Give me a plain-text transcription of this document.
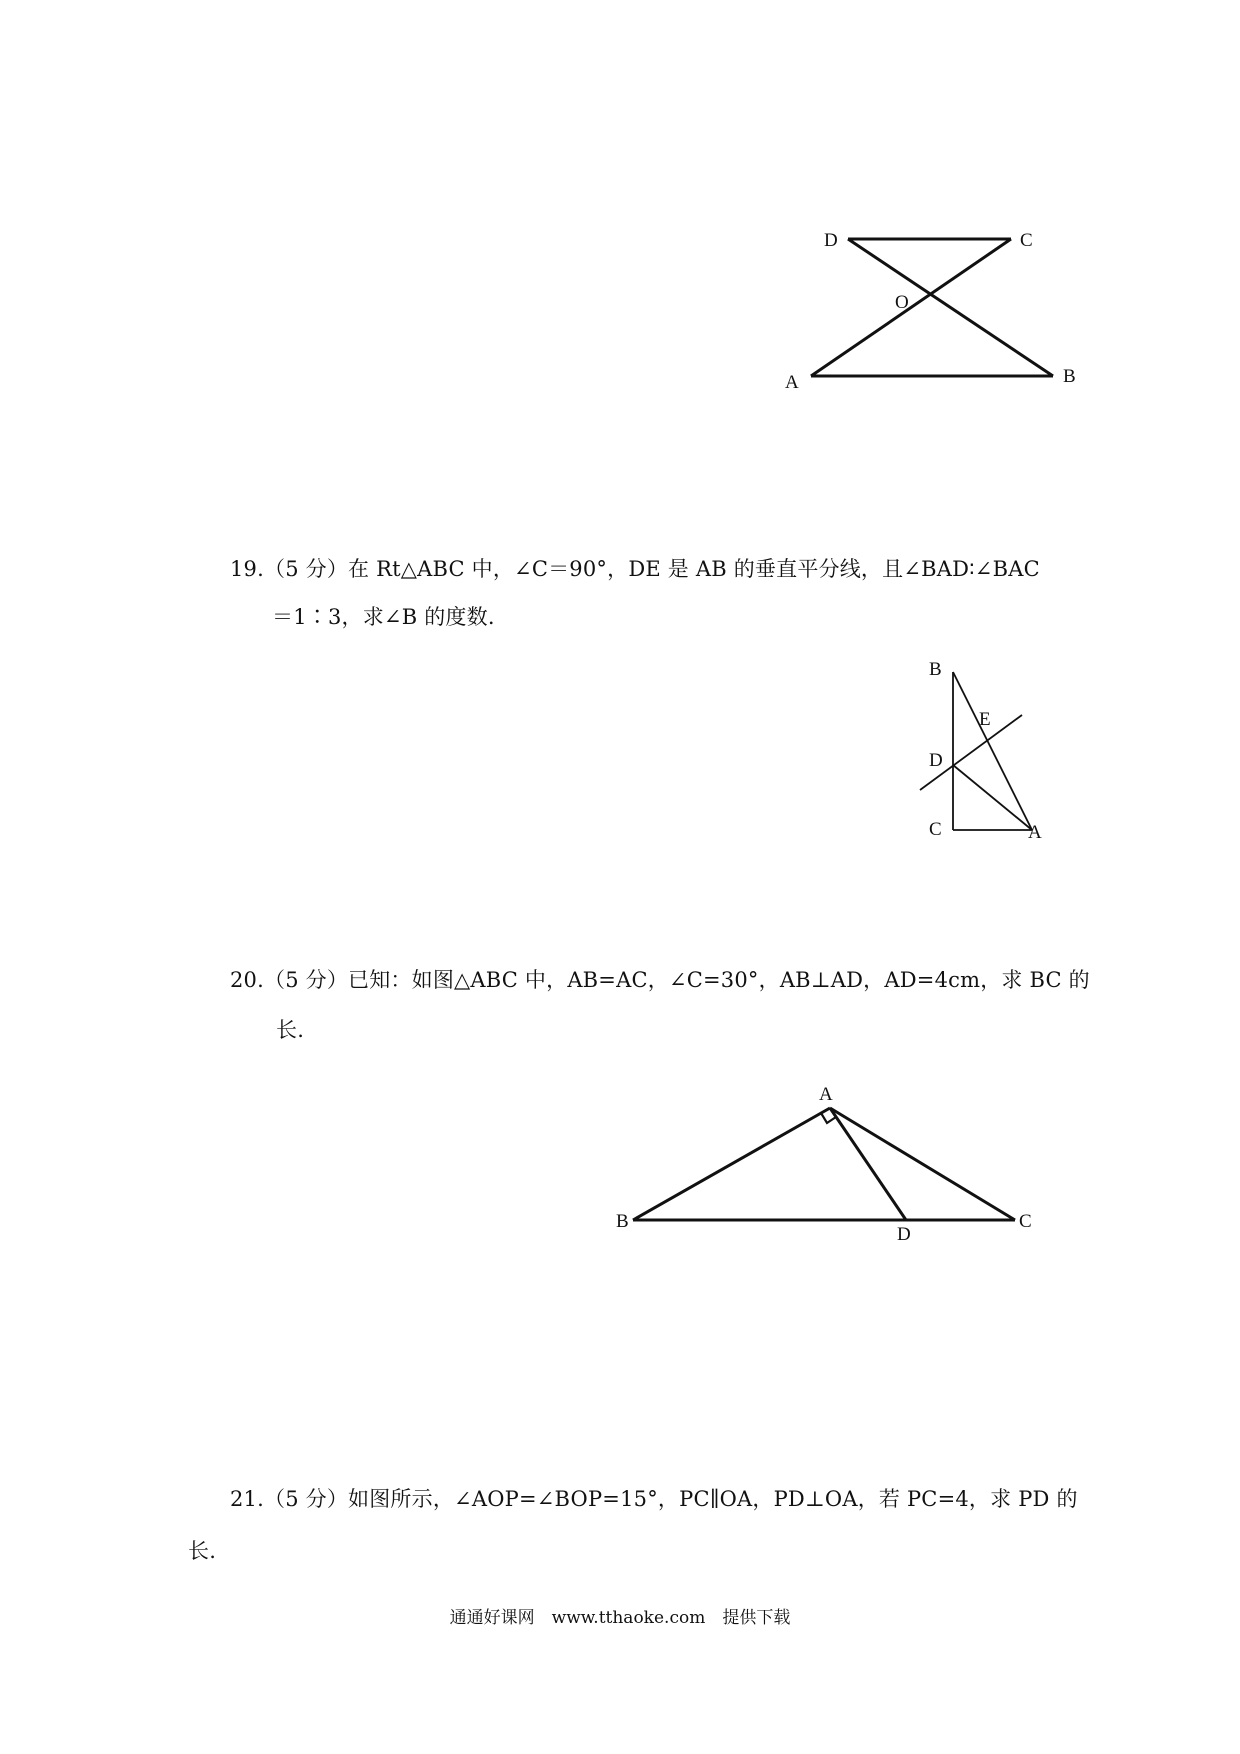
D	C
O
A	B
19.（5 分）在 Rt△ABC 中，∠C＝90°，DE 是 AB 的垂直平分线，且∠BAD∶∠BAC
＝1∶3，求∠B 的度数.
B
E
D
C	A
20.（5 分）已知：如图△ABC 中，AB=AC，∠C=30°，AB⊥AD，AD=4cm，求 BC 的
长.
A
B
D
C
21.（5 分）如图所示，∠AOP=∠BOP=15°，PC∥OA，PD⊥OA，若 PC=4，求 PD 的
长.
通通好课网　www.tthaoke.com　提供下载
